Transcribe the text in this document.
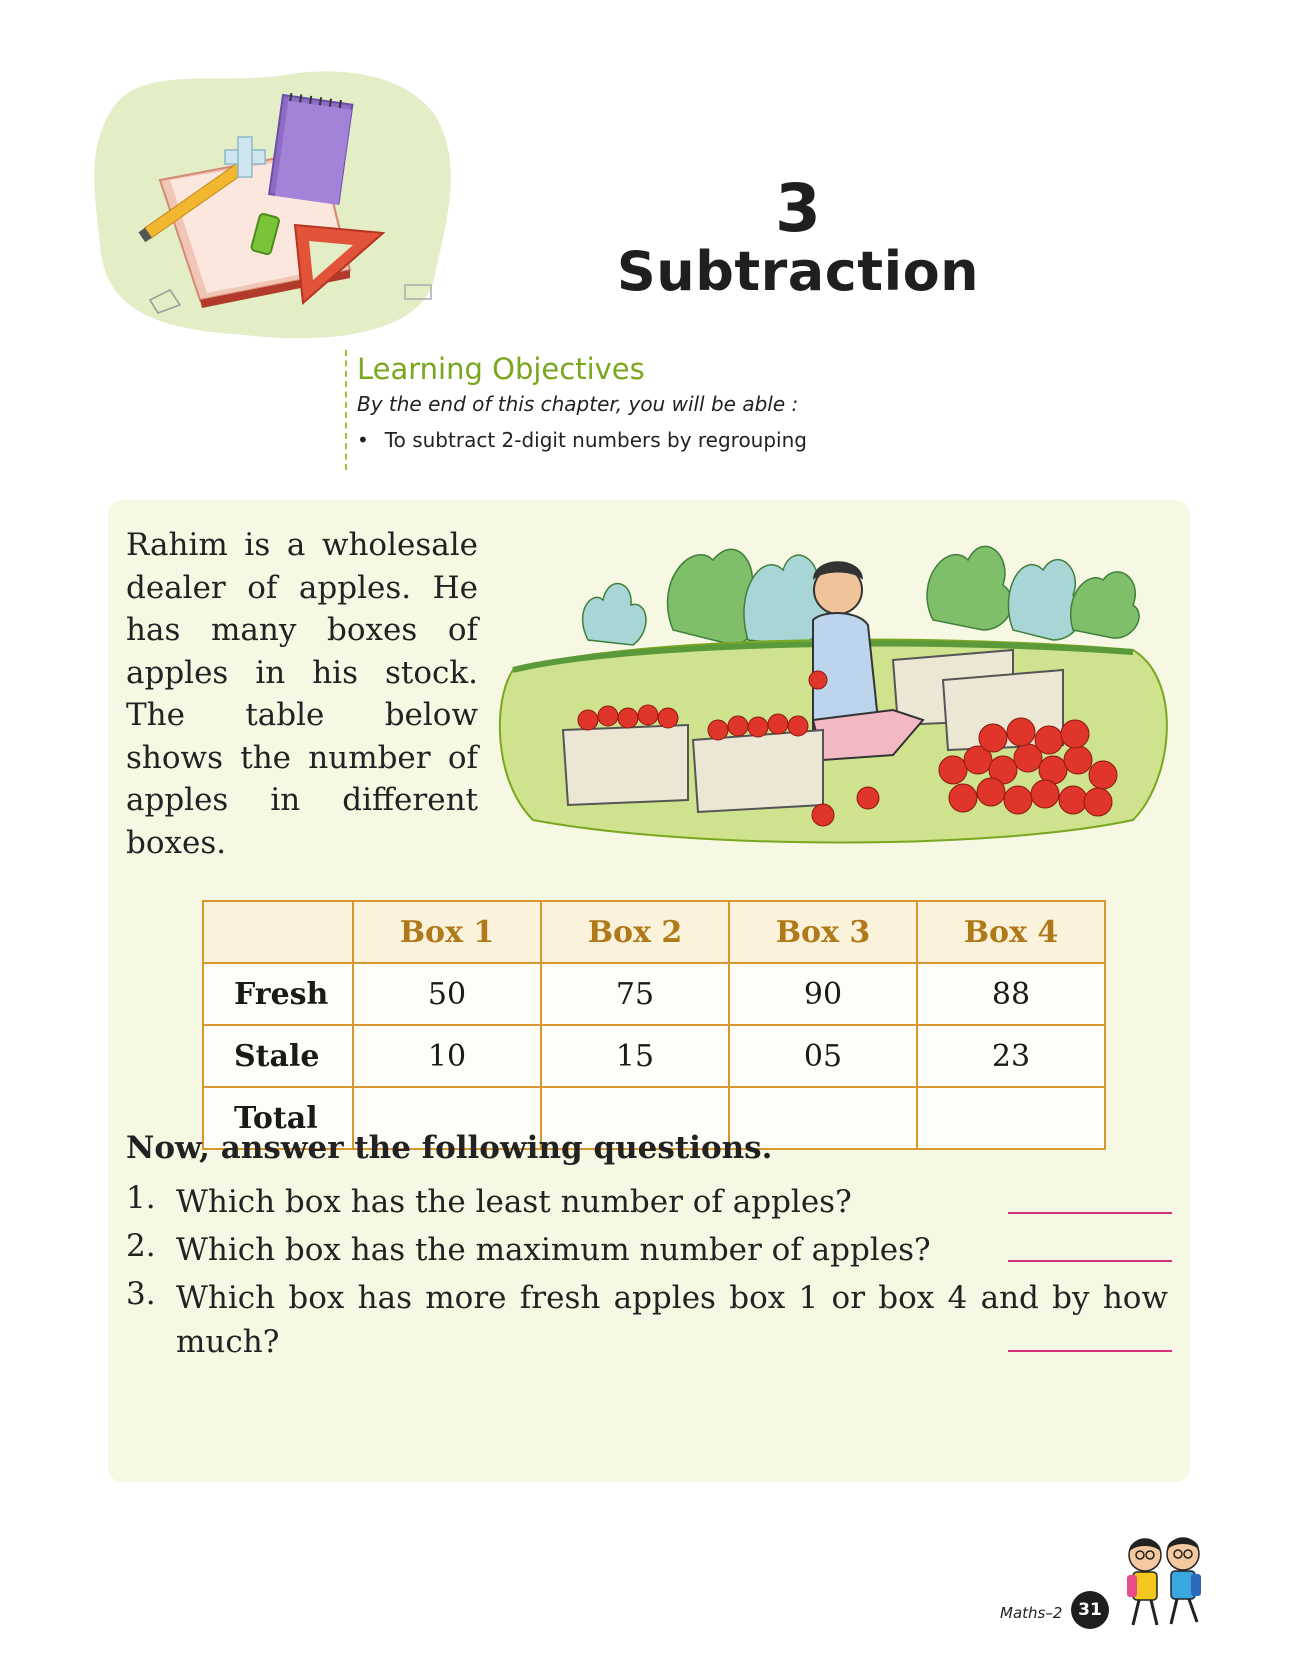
3
Subtraction

Learning Objectives

By the end of this chapter, you will be able :

• To subtract 2-digit numbers by regrouping

Rahim is a wholesale dealer of apples. He has many boxes of apples in his stock. The table below shows the number of apples in different boxes.
	Box 1	Box 2	Box 3	Box 4
Fresh	50	75	90	88
Stale	10	15	05	23
Total				
Now, answer the following questions.
1. Which box has the least number of apples?
2. Which box has the maximum number of apples?
3. Which box has more fresh apples box 1 or box 4 and by how much?
Maths–2 31
